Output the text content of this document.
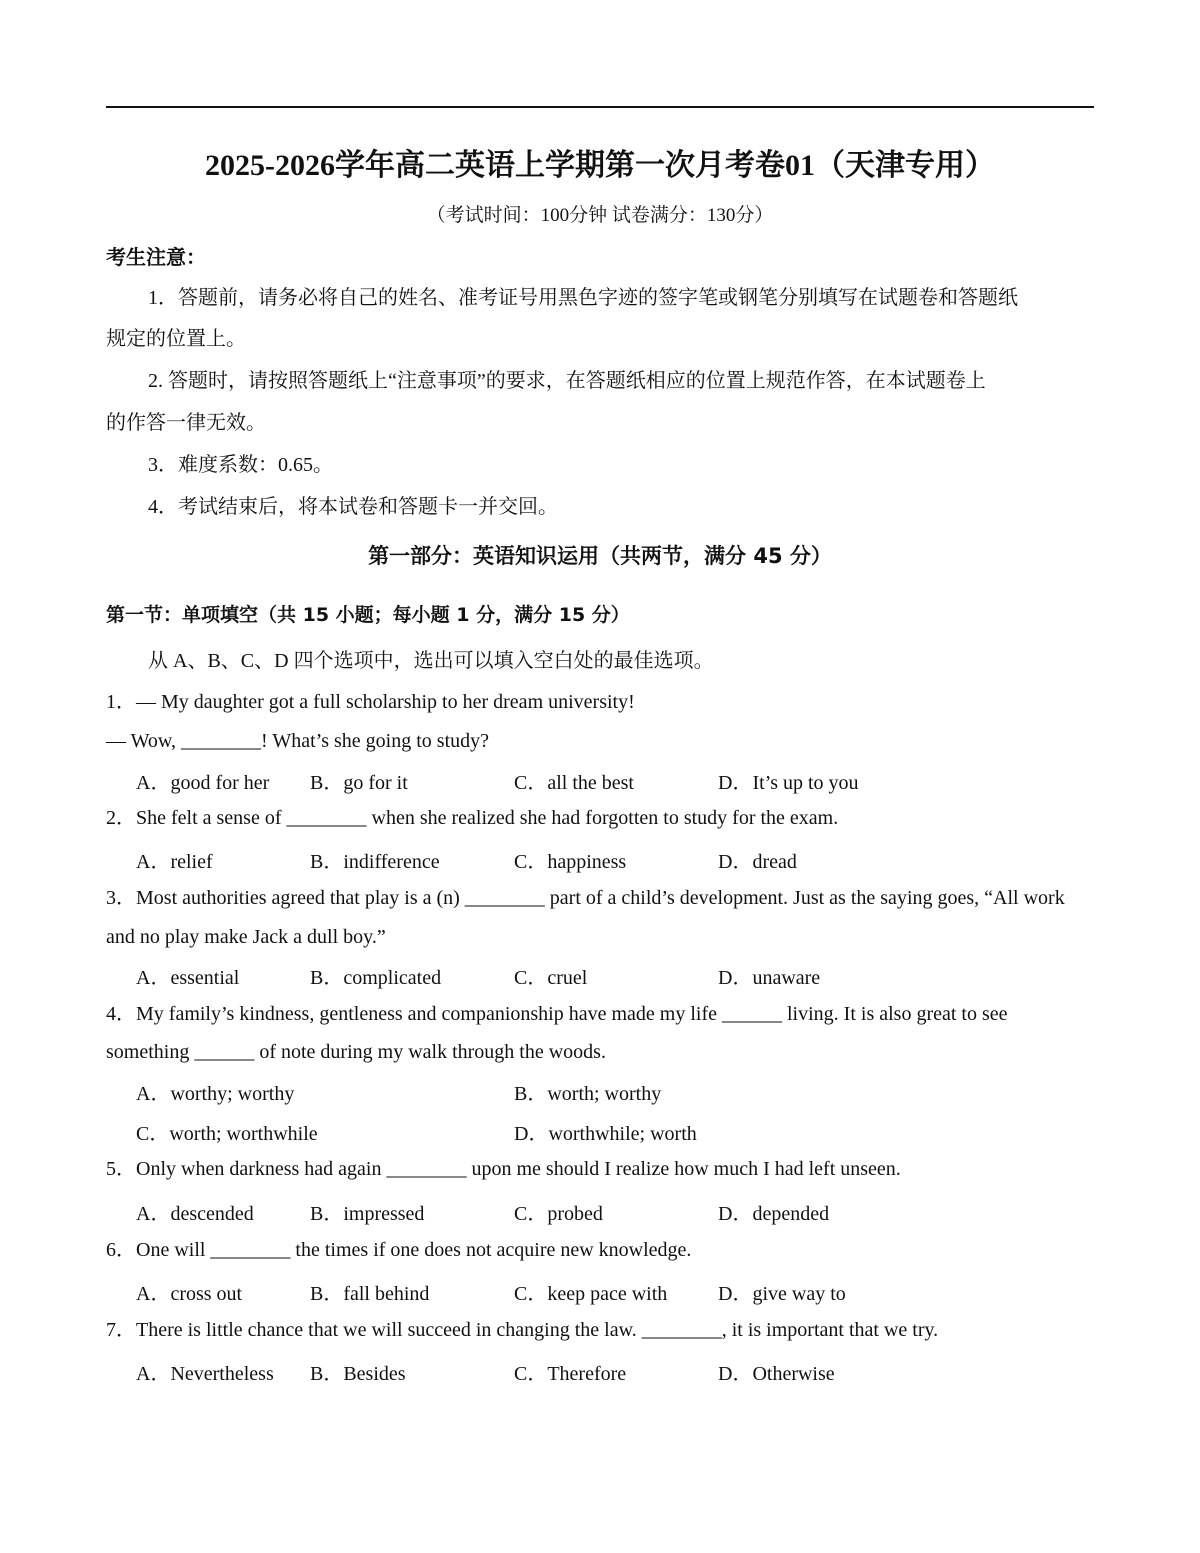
2025-2026学年高二英语上学期第一次月考卷01（天津专用）
（考试时间：100分钟 试卷满分：130分）
考生注意：
1．答题前，请务必将自己的姓名、准考证号用黑色字迹的签字笔或钢笔分别填写在试题卷和答题纸
规定的位置上。
2. 答题时，请按照答题纸上“注意事项”的要求，在答题纸相应的位置上规范作答，在本试题卷上
的作答一律无效。
3．难度系数：0.65。
4．考试结束后，将本试卷和答题卡一并交回。
第一部分：英语知识运用（共两节，满分 45 分）
第一节：单项填空（共 15 小题；每小题 1 分，满分 15 分）
从 A、B、C、D 四个选项中，选出可以填入空白处的最佳选项。
1．— My daughter got a full scholarship to her dream university!
— Wow, ________! What’s she going to study?
A．good for her B．go for it	C．all the best	D．It’s up to you
2．She felt a sense of ________ when she realized she had forgotten to study for the exam.
A．relief	B．indifference	C．happiness	D．dread
3．Most authorities agreed that play is a (n) ________ part of a child’s development. Just as the saying goes, “All work
and no play make Jack a dull boy.”
A．essential	B．complicated	C．cruel	D．unaware
4．My family’s kindness, gentleness and companionship have made my life ______ living. It is also great to see
something ______ of note during my walk through the woods.
A．worthy; worthy	B．worth; worthy
C．worth; worthwhile	D．worthwhile; worth
5．Only when darkness had again ________ upon me should I realize how much I had left unseen.
A．descended	B．impressed	C．probed	D．depended
6．One will ________ the times if one does not acquire new knowledge.
A．cross out	B．fall behind	C．keep pace with	D．give way to
7．There is little chance that we will succeed in changing the law. ________, it is important that we try.
A．Nevertheless B．Besides	C．Therefore	D．Otherwise
